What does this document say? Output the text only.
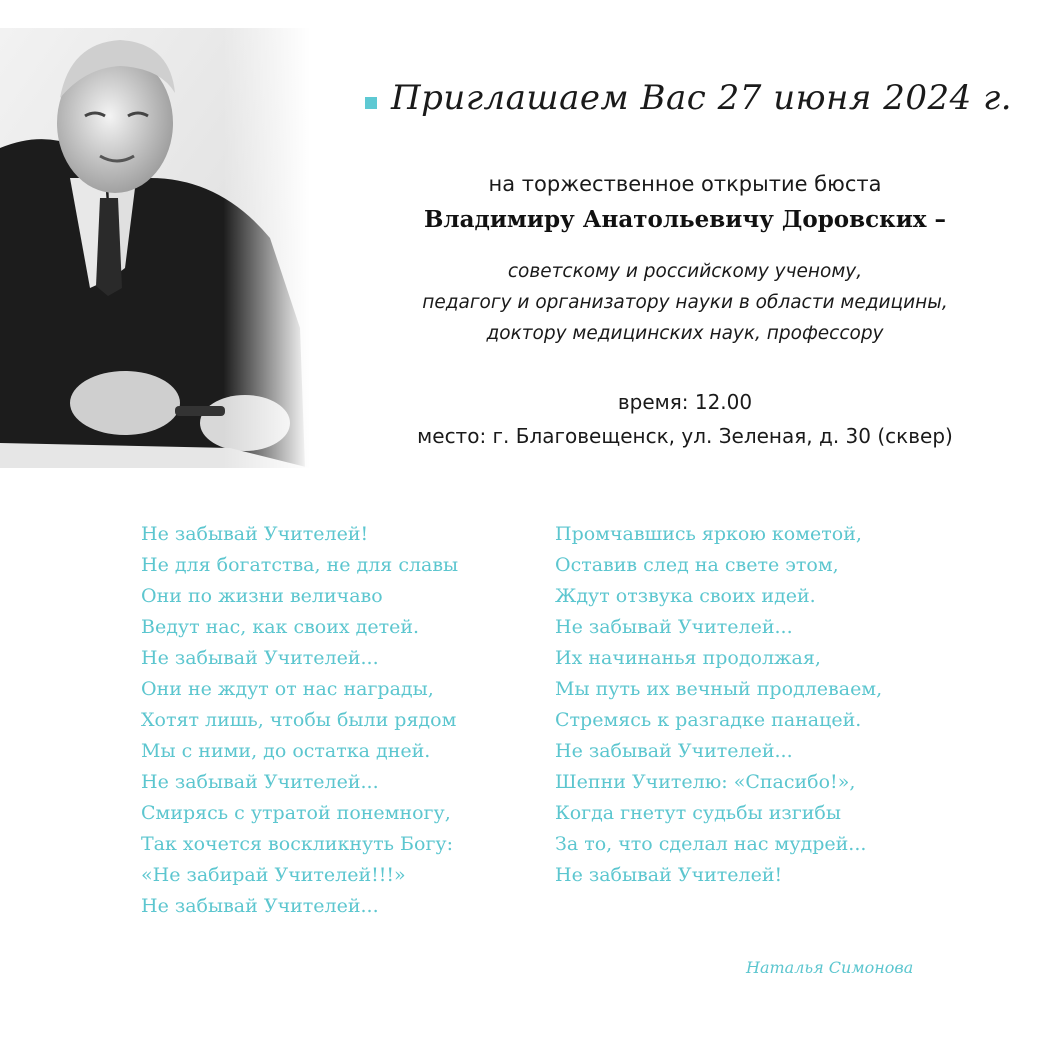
Приглашаем Вас 27 июня 2024 г.
на торжественное открытие бюста
Владимиру Анатольевичу Доровских –
советскому и российскому ученому,
педагогу и организатору науки в области медицины,
доктору медицинских наук, профессору
время: 12.00
место: г. Благовещенск, ул. Зеленая, д. 30 (сквер)
Не забывай Учителей!
Не для богатства, не для славы
Они по жизни величаво
Ведут нас, как своих детей.
Не забывай Учителей...
Они не ждут от нас награды,
Хотят лишь, чтобы были рядом
Мы с ними, до остатка дней.
Не забывай Учителей...
Смирясь с утратой понемногу,
Так хочется воскликнуть Богу:
«Не забирай Учителей!!!»
Не забывай Учителей...
Промчавшись яркою кометой,
Оставив след на свете этом,
Ждут отзвука своих идей.
Не забывай Учителей...
Их начинанья продолжая,
Мы путь их вечный продлеваем,
Стремясь к разгадке панацей.
Не забывай Учителей...
Шепни Учителю: «Спасибо!»,
Когда гнетут судьбы изгибы
За то, что сделал нас мудрей...
Не забывай Учителей!
Наталья Симонова
